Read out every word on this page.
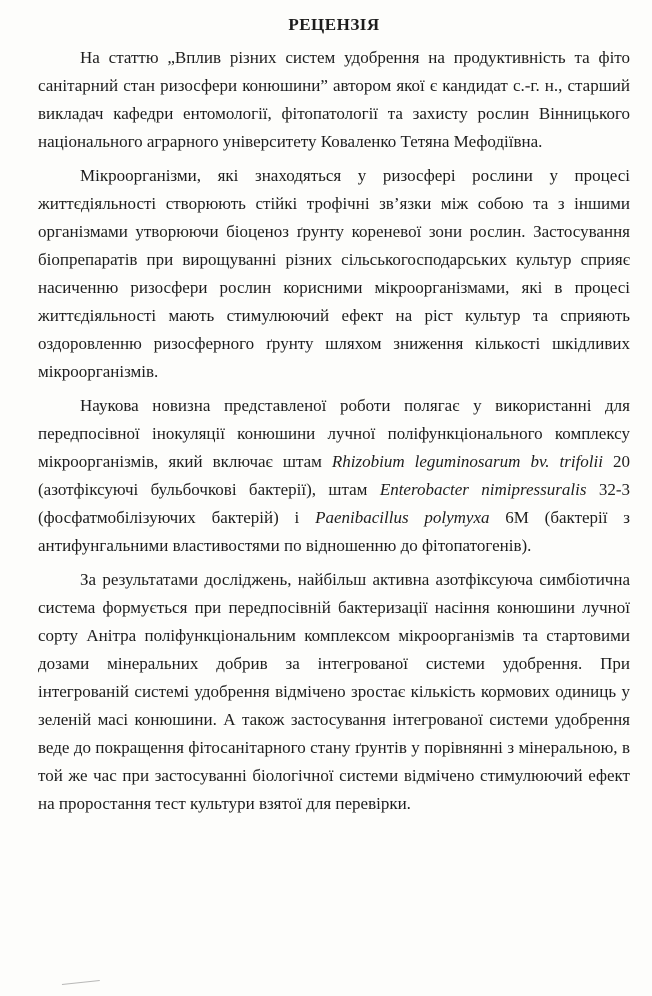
РЕЦЕНЗІЯ

На статтю „Вплив різних систем удобрення на продуктивність та фіто санітарний стан ризосфери конюшини” автором якої є кандидат с.-г. н., старший викладач кафедри ентомології, фітопатології та захисту рослин Вінницького національного аграрного університету Коваленко Тетяна Мефодіївна.

Мікроорганізми, які знаходяться у ризосфері рослини у процесі життєдіяльності створюють стійкі трофічні зв’язки між собою та з іншими організмами утворюючи біоценоз ґрунту кореневої зони рослин. Застосування біопрепаратів при вирощуванні різних сільськогосподарських культур сприяє насиченню ризосфери рослин корисними мікроорганізмами, які в процесі життєдіяльності мають стимулюючий ефект на ріст культур та сприяють оздоровленню ризосферного ґрунту шляхом зниження кількості шкідливих мікроорганізмів.

Наукова новизна представленої роботи полягає у використанні для передпосівної інокуляції конюшини лучної поліфункціонального комплексу мікроорганізмів, який включає штам Rhizobium leguminosarum bv. trifolii 20 (азотфіксуючі бульбочкові бактерії), штам Enterobacter nimipressuralis 32-3 (фосфатмобілізуючих бактерій) і Paenibacillus polymyxa 6М (бактерії з антифунгальними властивостями по відношенню до фітопатогенів).

За результатами досліджень, найбільш активна азотфіксуюча симбіотична система формується при передпосівній бактеризації насіння конюшини лучної сорту Анітра поліфункціональним комплексом мікроорганізмів та стартовими дозами мінеральних добрив за інтегрованої системи удобрення. При інтегрованій системі удобрення відмічено зростає кількість кормових одиниць у зеленій масі конюшини. А також застосування інтегрованої системи удобрення веде до покращення фітосанітарного стану ґрунтів у порівнянні з мінеральною, в той же час при застосуванні біологічної системи відмічено стимулюючий ефект на проростання тест культури взятої для перевірки.
